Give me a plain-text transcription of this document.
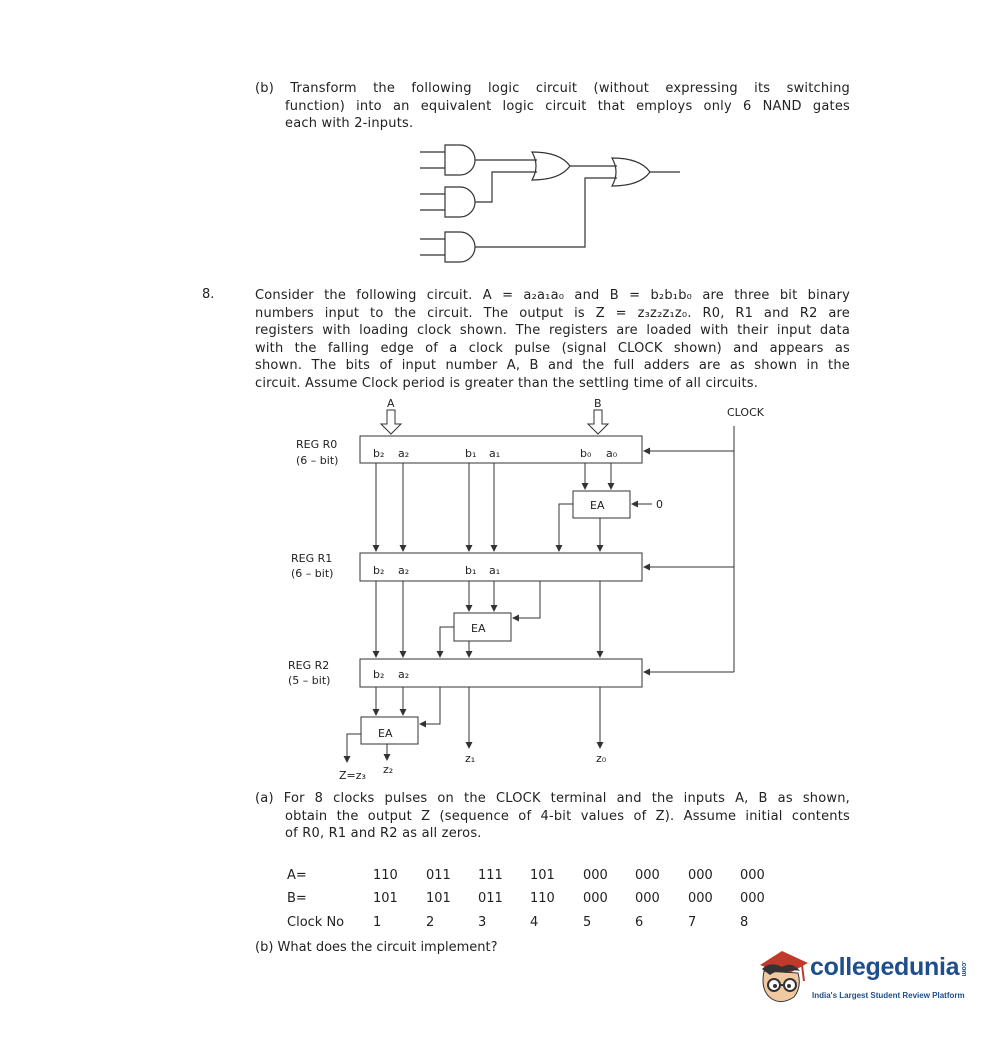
(b) Transform the following logic circuit (without expressing its switching
function) into an equivalent logic circuit that employs only 6 NAND gates
each with 2-inputs.
8.	Consider the following circuit. A = a₂a₁a₀ and B = b₂b₁b₀ are three bit binary
numbers input to the circuit. The output is Z = z₃z₂z₁z₀. R0, R1 and R2 are
registers with loading clock shown. The registers are loaded with their input data
with the falling edge of a clock pulse (signal CLOCK shown) and appears as
shown. The bits of input number A, B and the full adders are as shown in the
circuit. Assume Clock period is greater than the settling time of all circuits.
A	B
CLOCK
REG R0
(6 – bit)
REG R1
(6 – bit)
REG R2
(5 – bit)
b₂ a₂	b₁ a₁	b₀ a₀
b₂ a₂	b₁ a₁
b₂ a₂
EA
EA
EA
0
Z=z₃ z₂
z₁	z₀
(a) For 8 clocks pulses on the CLOCK terminal and the inputs A, B as shown,
obtain the output Z (sequence of 4-bit values of Z). Assume initial contents
of R0, R1 and R2 as all zeros.
A=	110 011 111 101 000 000 000 000
B=	101 101 011 110 000 000 000 000
Clock No 1	2	3	4	5	6	7	8
(b) What does the circuit implement?
collegedunia.com
India's Largest Student Review Platform
